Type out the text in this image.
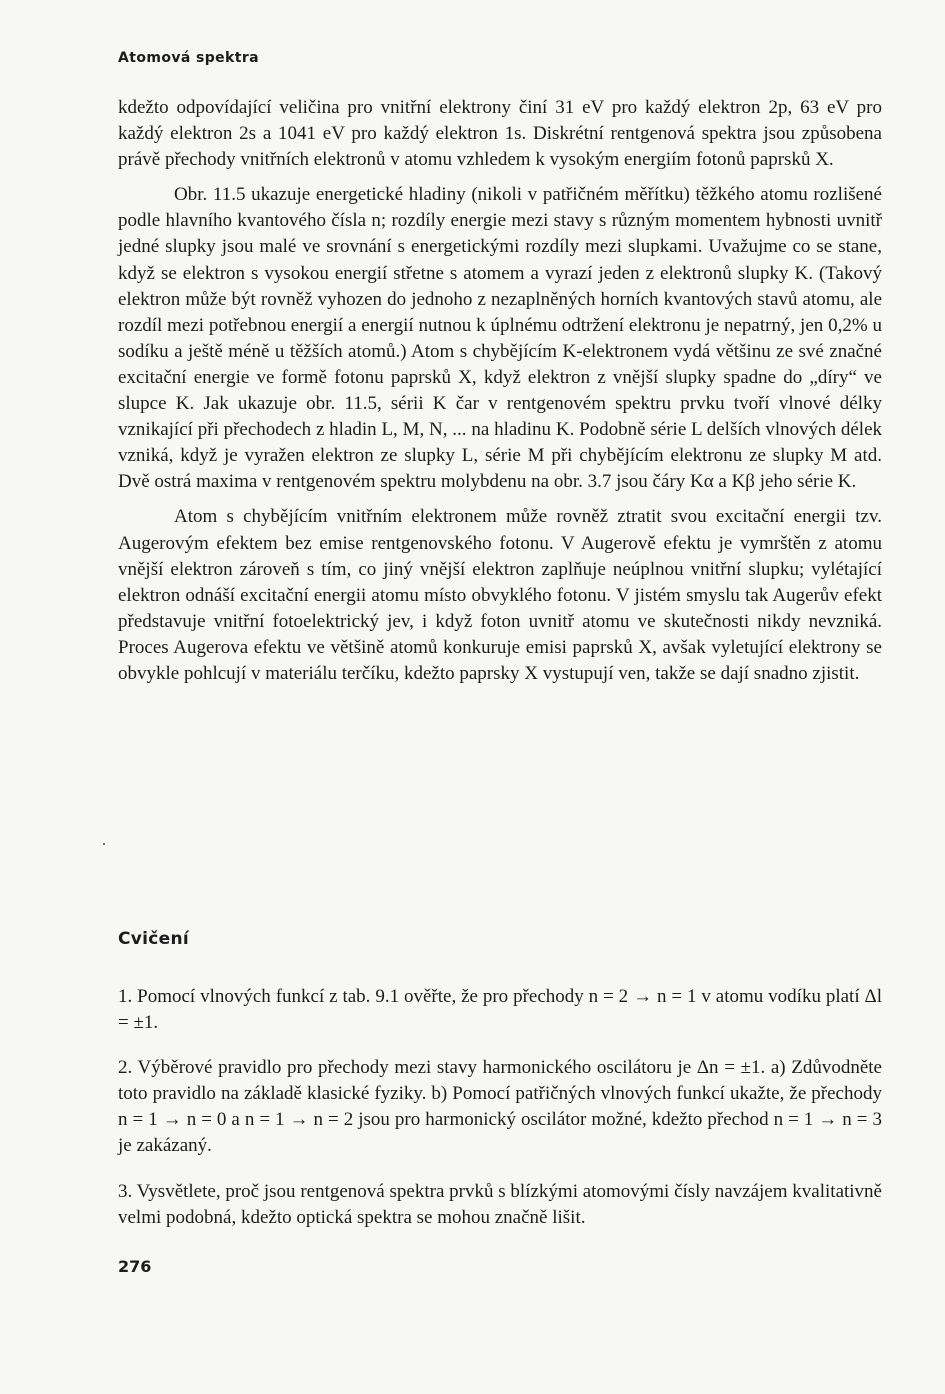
Atomová spektra

kdežto odpovídající veličina pro vnitřní elektrony činí 31 eV pro každý elektron 2p, 63 eV pro každý elektron 2s a 1041 eV pro každý elektron 1s. Diskrétní rentgenová spektra jsou způsobena právě přechody vnitřních elektronů v atomu vzhledem k vysokým energiím fotonů paprsků X.

Obr. 11.5 ukazuje energetické hladiny (nikoli v patřičném měřítku) těžkého atomu rozlišené podle hlavního kvantového čísla n; rozdíly energie mezi stavy s různým momentem hybnosti uvnitř jedné slupky jsou malé ve srovnání s energetickými rozdíly mezi slupkami. Uvažujme co se stane, když se elektron s vysokou energií střetne s atomem a vyrazí jeden z elektronů slupky K. (Takový elektron může být rovněž vyhozen do jednoho z nezaplněných horních kvantových stavů atomu, ale rozdíl mezi potřebnou energií a energií nutnou k úplnému odtržení elektronu je nepatrný, jen 0,2% u sodíku a ještě méně u těžších atomů.) Atom s chybějícím K-elektronem vydá většinu ze své značné excitační energie ve formě fotonu paprsků X, když elektron z vnější slupky spadne do „díry“ ve slupce K. Jak ukazuje obr. 11.5, sérii K čar v rentgenovém spektru prvku tvoří vlnové délky vznikající při přechodech z hladin L, M, N, ... na hladinu K. Podobně série L delších vlnových délek vzniká, když je vyražen elektron ze slupky L, série M při chybějícím elektronu ze slupky M atd. Dvě ostrá maxima v rentgenovém spektru molybdenu na obr. 3.7 jsou čáry Kα a Kβ jeho série K.

Atom s chybějícím vnitřním elektronem může rovněž ztratit svou excitační energii tzv. Augerovým efektem bez emise rentgenovského fotonu. V Augerově efektu je vymrštěn z atomu vnější elektron zároveň s tím, co jiný vnější elektron zaplňuje neúplnou vnitřní slupku; vylétající elektron odnáší excitační energii atomu místo obvyklého fotonu. V jistém smyslu tak Augerův efekt představuje vnitřní fotoelektrický jev, i když foton uvnitř atomu ve skutečnosti nikdy nevzniká. Proces Augerova efektu ve většině atomů konkuruje emisi paprsků X, avšak vyletující elektrony se obvykle pohlcují v materiálu terčíku, kdežto paprsky X vystupují ven, takže se dají snadno zjistit.

Cvičení

1. Pomocí vlnových funkcí z tab. 9.1 ověřte, že pro přechody n = 2 → n = 1 v atomu vodíku platí Δl = ±1.

2. Výběrové pravidlo pro přechody mezi stavy harmonického oscilátoru je Δn = ±1. a) Zdůvodněte toto pravidlo na základě klasické fyziky. b) Pomocí patřičných vlnových funkcí ukažte, že přechody n = 1 → n = 0 a n = 1 → n = 2 jsou pro harmonický oscilátor možné, kdežto přechod n = 1 → n = 3 je zakázaný.

3. Vysvětlete, proč jsou rentgenová spektra prvků s blízkými atomovými čísly navzájem kvalitativně velmi podobná, kdežto optická spektra se mohou značně lišit.

276
